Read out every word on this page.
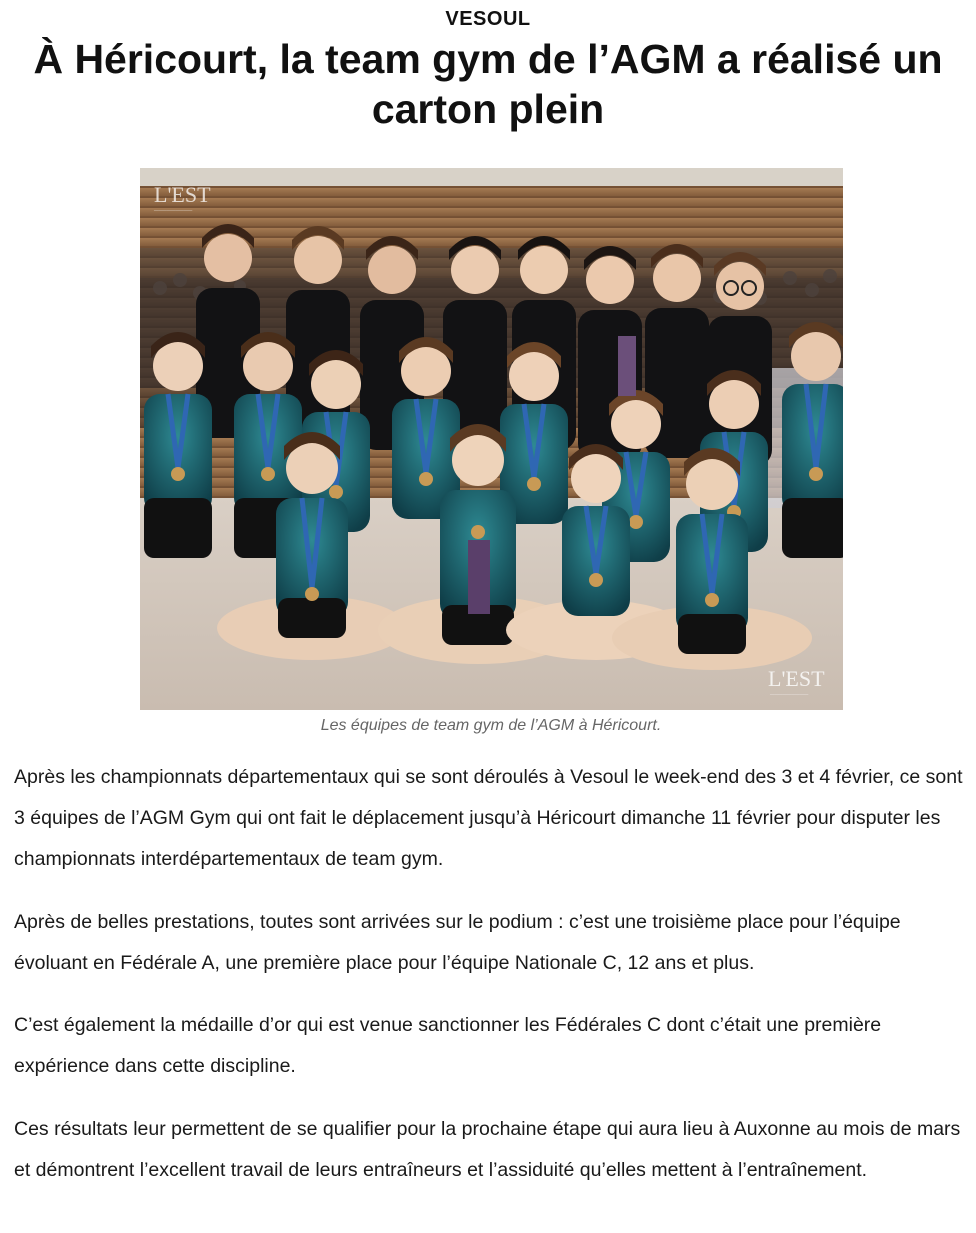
VESOUL
À Héricourt, la team gym de l’AGM a réalisé un carton plein
L'EST
─────────
L'EST
─────────
Les équipes de team gym de l’AGM à Héricourt.

Après les championnats départementaux qui se sont déroulés à Vesoul le week-end des 3 et 4 février, ce sont 3 équipes de l’AGM Gym qui ont fait le déplacement jusqu’à Héricourt dimanche 11 février pour disputer les championnats interdépartementaux de team gym.

Après de belles prestations, toutes sont arrivées sur le podium : c’est une troisième place pour l’équipe évoluant en Fédérale A, une première place pour l’équipe Nationale C, 12 ans et plus.

C’est également la médaille d’or qui est venue sanctionner les Fédérales C dont c’était une première expérience dans cette discipline.

Ces résultats leur permettent de se qualifier pour la prochaine étape qui aura lieu à Auxonne au mois de mars et démontrent l’excellent travail de leurs entraîneurs et l’assiduité qu’elles mettent à l’entraînement.
